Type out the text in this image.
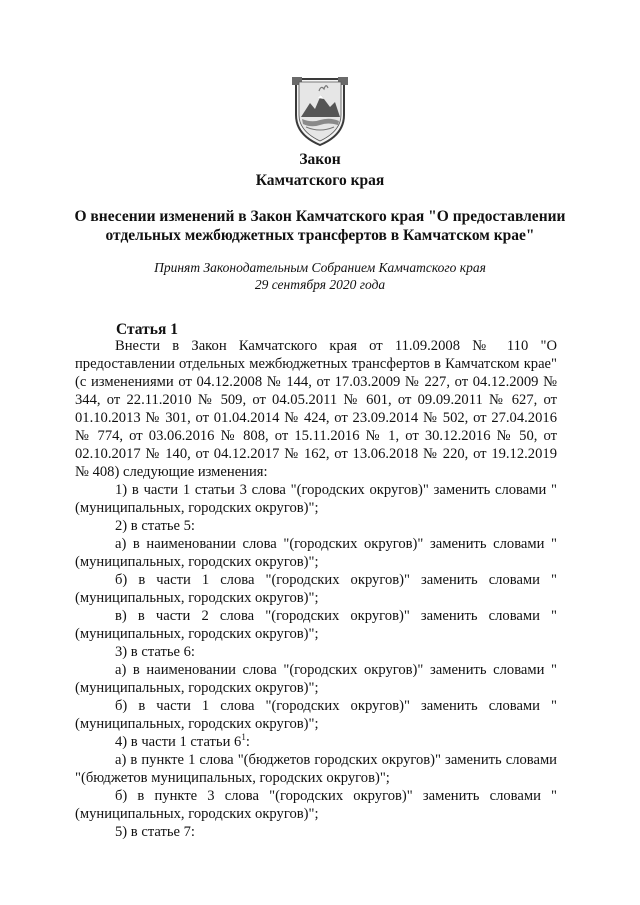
Закон
Камчатского края
О внесении изменений в Закон Камчатского края "О предоставлении
отдельных межбюджетных трансфертов в Камчатском крае"
Принят Законодательным Собранием Камчатского края
29 сентября 2020 года
Статья 1

Внести в Закон Камчатского края от 11.09.2008 № 110 "О предоставлении отдельных межбюджетных трансфертов в Камчатском крае" (с изменениями от 04.12.2008 № 144, от 17.03.2009 № 227, от 04.12.2009 № 344, от 22.11.2010 № 509, от 04.05.2011 № 601, от 09.09.2011 № 627, от 01.10.2013 № 301, от 01.04.2014 № 424, от 23.09.2014 № 502, от 27.04.2016 № 774, от 03.06.2016 № 808, от 15.11.2016 № 1, от 30.12.2016 № 50, от 02.10.2017 № 140, от 04.12.2017 № 162, от 13.06.2018 № 220, от 19.12.2019 № 408) следующие изменения:

1) в части 1 статьи 3 слова "(городских округов)" заменить словами "(муниципальных, городских округов)";

2) в статье 5:

а) в наименовании слова "(городских округов)" заменить словами "(муниципальных, городских округов)";

б) в части 1 слова "(городских округов)" заменить словами "(муниципальных, городских округов)";

в) в части 2 слова "(городских округов)" заменить словами "(муниципальных, городских округов)";

3) в статье 6:

а) в наименовании слова "(городских округов)" заменить словами "(муниципальных, городских округов)";

б) в части 1 слова "(городских округов)" заменить словами "(муниципальных, городских округов)";

4) в части 1 статьи $6^1$:

а) в пункте 1 слова "(бюджетов городских округов)" заменить словами "(бюджетов муниципальных, городских округов)";

б) в пункте 3 слова "(городских округов)" заменить словами "(муниципальных, городских округов)";

5) в статье 7:
